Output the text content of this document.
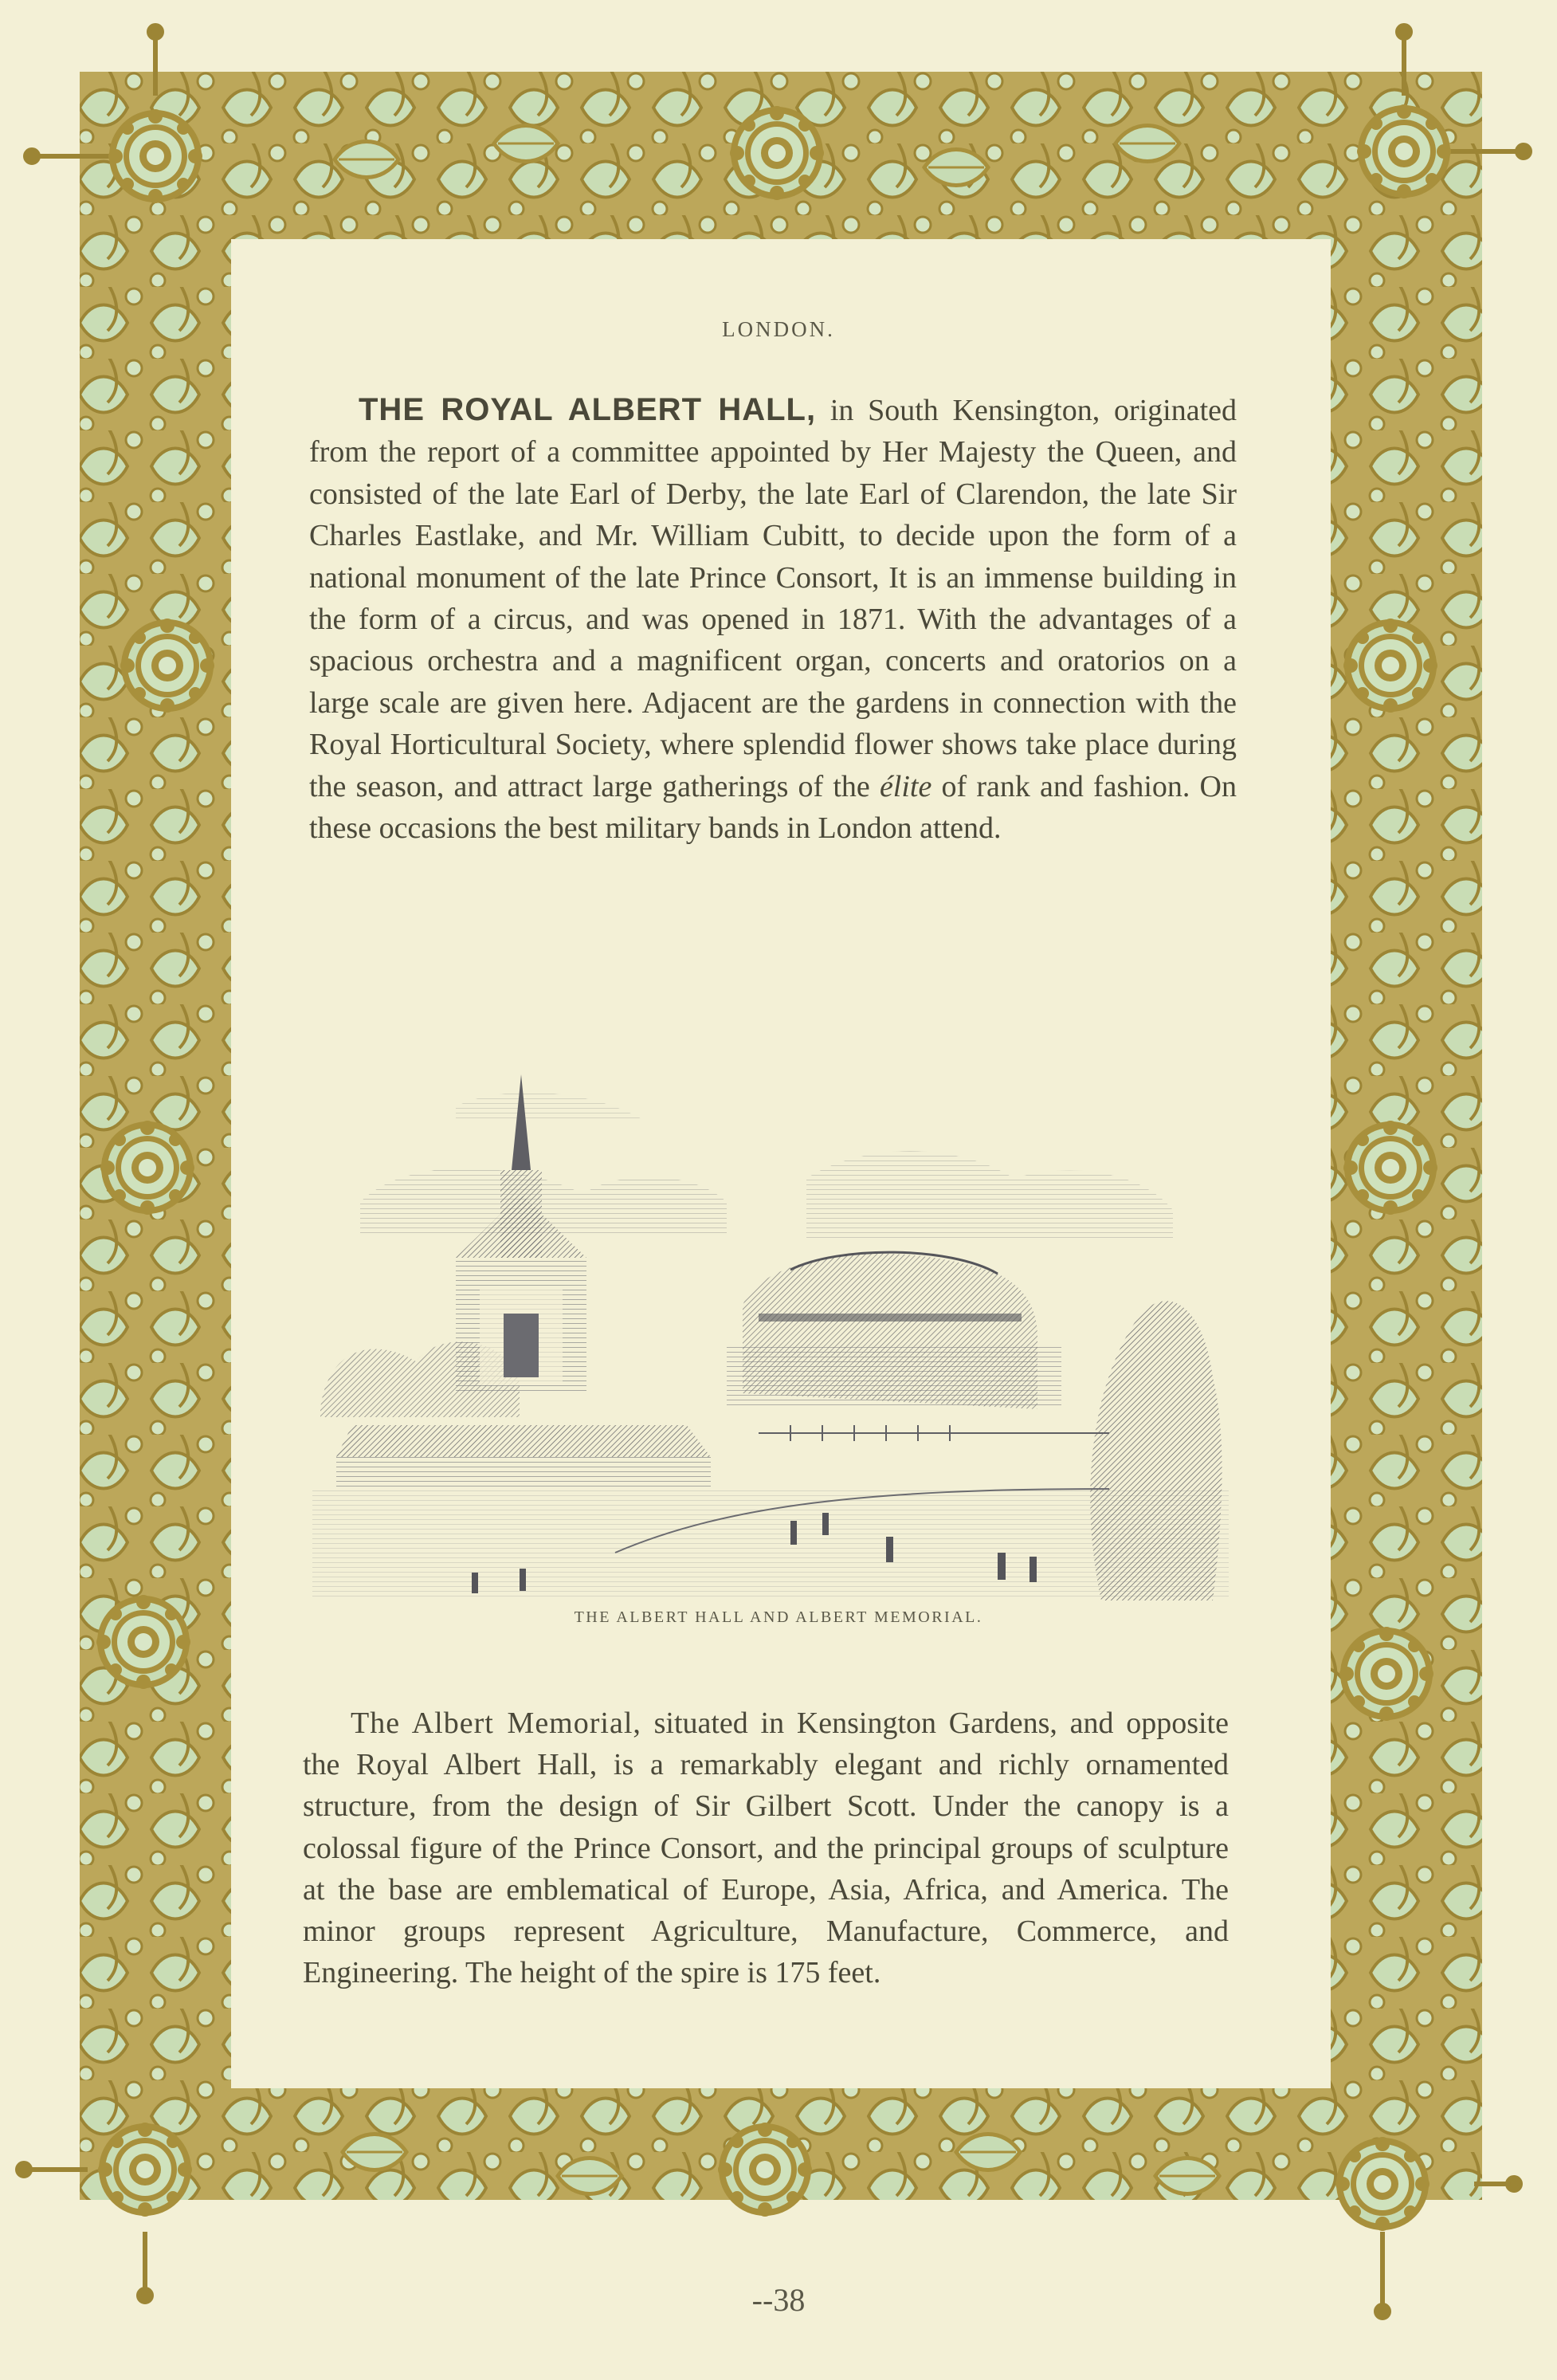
LONDON.

THE ROYAL ALBERT HALL, in South Kensington, originated from the report of a committee appointed by Her Majesty the Queen, and consisted of the late Earl of Derby, the late Earl of Clarendon, the late Sir Charles Eastlake, and Mr. William Cubitt, to decide upon the form of a national monument of the late Prince Consort, It is an immense building in the form of a circus, and was opened in 1871. With the advantages of a spacious orchestra and a magnificent organ, concerts and oratorios on a large scale are given here. Adjacent are the gardens in connection with the Royal Horticultural Society, where splendid flower shows take place during the season, and attract large gatherings of the élite of rank and fashion. On these occasions the best military bands in London attend.

THE ALBERT HALL AND ALBERT MEMORIAL.

The Albert Memorial, situated in Kensington Gardens, and opposite the Royal Albert Hall, is a remarkably elegant and richly ornamented structure, from the design of Sir Gilbert Scott. Under the canopy is a colossal figure of the Prince Consort, and the principal groups of sculpture at the base are emblematical of Europe, Asia, Africa, and America. The minor groups represent Agriculture, Manufacture, Commerce, and Engineering. The height of the spire is 175 feet.

--38
